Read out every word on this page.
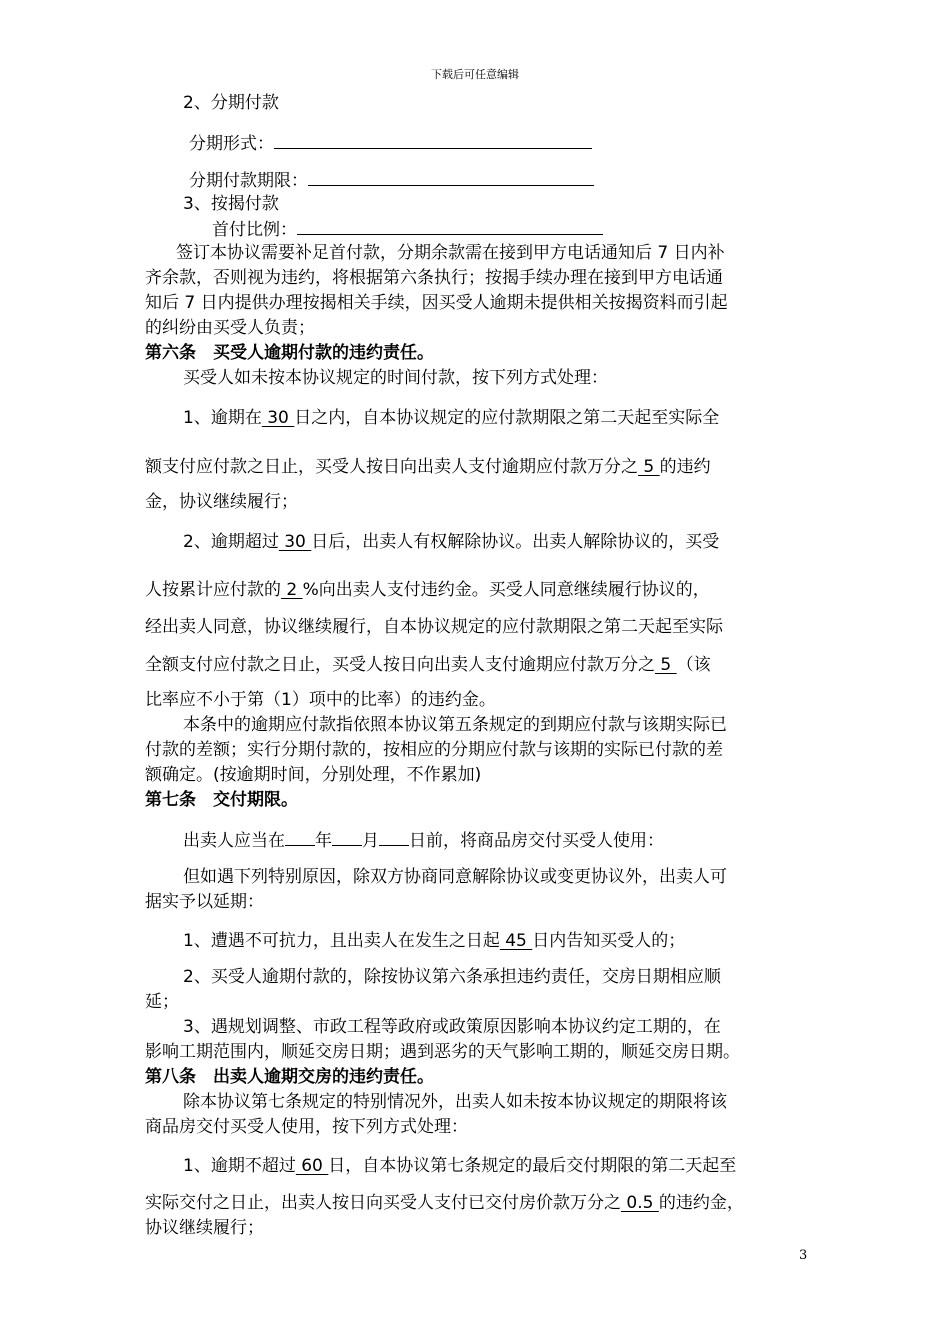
下载后可任意编辑
2、分期付款
分期形式：
分期付款期限：
3、按揭付款
首付比例：
签订本协议需要补足首付款，分期余款需在接到甲方电话通知后 7 日内补
齐余款，否则视为违约，将根据第六条执行；按揭手续办理在接到甲方电话通
知后 7 日内提供办理按揭相关手续，因买受人逾期未提供相关按揭资料而引起
的纠纷由买受人负责；
第六条　买受人逾期付款的违约责任。
买受人如未按本协议规定的时间付款，按下列方式处理：
1、逾期在 30 日之内，自本协议规定的应付款期限之第二天起至实际全
额支付应付款之日止，买受人按日向出卖人支付逾期应付款万分之 5 的违约
金，协议继续履行；
2、逾期超过 30 日后，出卖人有权解除协议。出卖人解除协议的，买受
人按累计应付款的 2 %向出卖人支付违约金。买受人同意继续履行协议的，
经出卖人同意，协议继续履行，自本协议规定的应付款期限之第二天起至实际
全额支付应付款之日止，买受人按日向出卖人支付逾期应付款万分之 5 （该
比率应不小于第（1）项中的比率）的违约金。
本条中的逾期应付款指依照本协议第五条规定的到期应付款与该期实际已
付款的差额；实行分期付款的，按相应的分期应付款与该期的实际已付款的差
额确定。(按逾期时间，分别处理，不作累加)
第七条　交付期限。
出卖人应当在 年 月 日前，将商品房交付买受人使用：
但如遇下列特别原因，除双方协商同意解除协议或变更协议外，出卖人可
据实予以延期：
1、遭遇不可抗力，且出卖人在发生之日起 45 日内告知买受人的；
2、买受人逾期付款的，除按协议第六条承担违约责任，交房日期相应顺
延；
3、遇规划调整、市政工程等政府或政策原因影响本协议约定工期的，在
影响工期范围内，顺延交房日期；遇到恶劣的天气影响工期的，顺延交房日期。
第八条　出卖人逾期交房的违约责任。
除本协议第七条规定的特别情况外，出卖人如未按本协议规定的期限将该
商品房交付买受人使用，按下列方式处理：
1、逾期不超过 60 日，自本协议第七条规定的最后交付期限的第二天起至
实际交付之日止，出卖人按日向买受人支付已交付房价款万分之 0.5 的违约金，
协议继续履行；
3
